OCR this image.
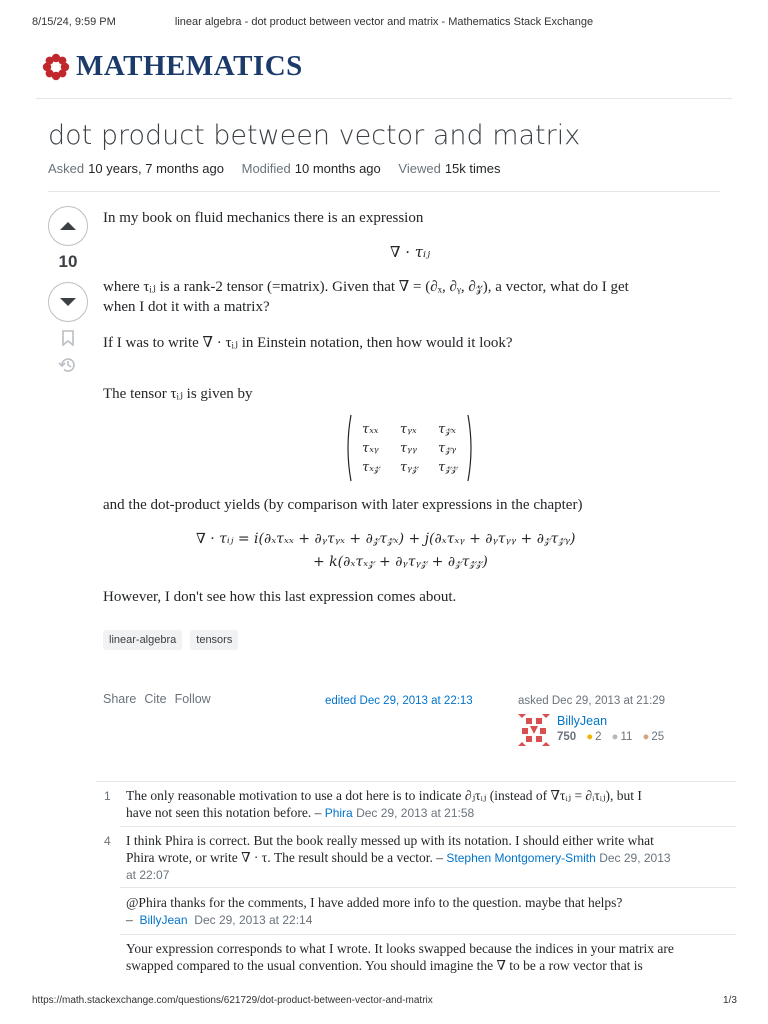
8/15/24, 9:59 PM	linear algebra - dot product between vector and matrix - Mathematics Stack Exchange
MATHEMATICS
dot product between vector and matrix
Asked 10 years, 7 months ago Modified 10 months ago Viewed 15k times
10
In my book on fluid mechanics there is an expression
∇ · τᵢⱼ
where τᵢⱼ is a rank-2 tensor (=matrix). Given that ∇ = (∂ₓ, ∂ᵧ, ∂𝓏), a vector, what do I get
when I dot it with a matrix?
If I was to write ∇ · τᵢⱼ in Einstein notation, then how would it look?
The tensor τᵢⱼ is given by
τₓₓ	τᵧₓ	τ𝓏ₓ
τₓᵧ	τᵧᵧ	τ𝓏ᵧ
τₓ𝓏	τᵧ𝓏	τ𝓏𝓏
and the dot-product yields (by comparison with later expressions in the chapter)
∇ · τᵢⱼ = i(∂ₓτₓₓ + ∂ᵧτᵧₓ + ∂𝓏τ𝓏ₓ) + j(∂ₓτₓᵧ + ∂ᵧτᵧᵧ + ∂𝓏τ𝓏ᵧ)
+ k(∂ₓτₓ𝓏 + ∂ᵧτᵧ𝓏 + ∂𝓏τ𝓏𝓏)
However, I don't see how this last expression comes about.
linear-algebra	tensors
Share Cite Follow	edited Dec 29, 2013 at 22:13	asked Dec 29, 2013 at 21:29
BillyJean
750 ● 2 ● 11 ● 25
1 The only reasonable motivation to use a dot here is to indicate ∂ⱼτᵢⱼ (instead of ∇τᵢⱼ = ∂ᵢτᵢⱼ), but I
have not seen this notation before. – Phira Dec 29, 2013 at 21:58
4 I think Phira is correct. But the book really messed up with its notation. I should either write what
Phira wrote, or write ∇ · τ. The result should be a vector. – Stephen Montgomery-Smith Dec 29, 2013
at 22:07
@Phira thanks for the comments, I have added more info to the question. maybe that helps?
– BillyJean Dec 29, 2013 at 22:14
Your expression corresponds to what I wrote. It looks swapped because the indices in your matrix are
swapped compared to the usual convention. You should imagine the ∇ to be a row vector that is
https://math.stackexchange.com/questions/621729/dot-product-between-vector-and-matrix	1/3
